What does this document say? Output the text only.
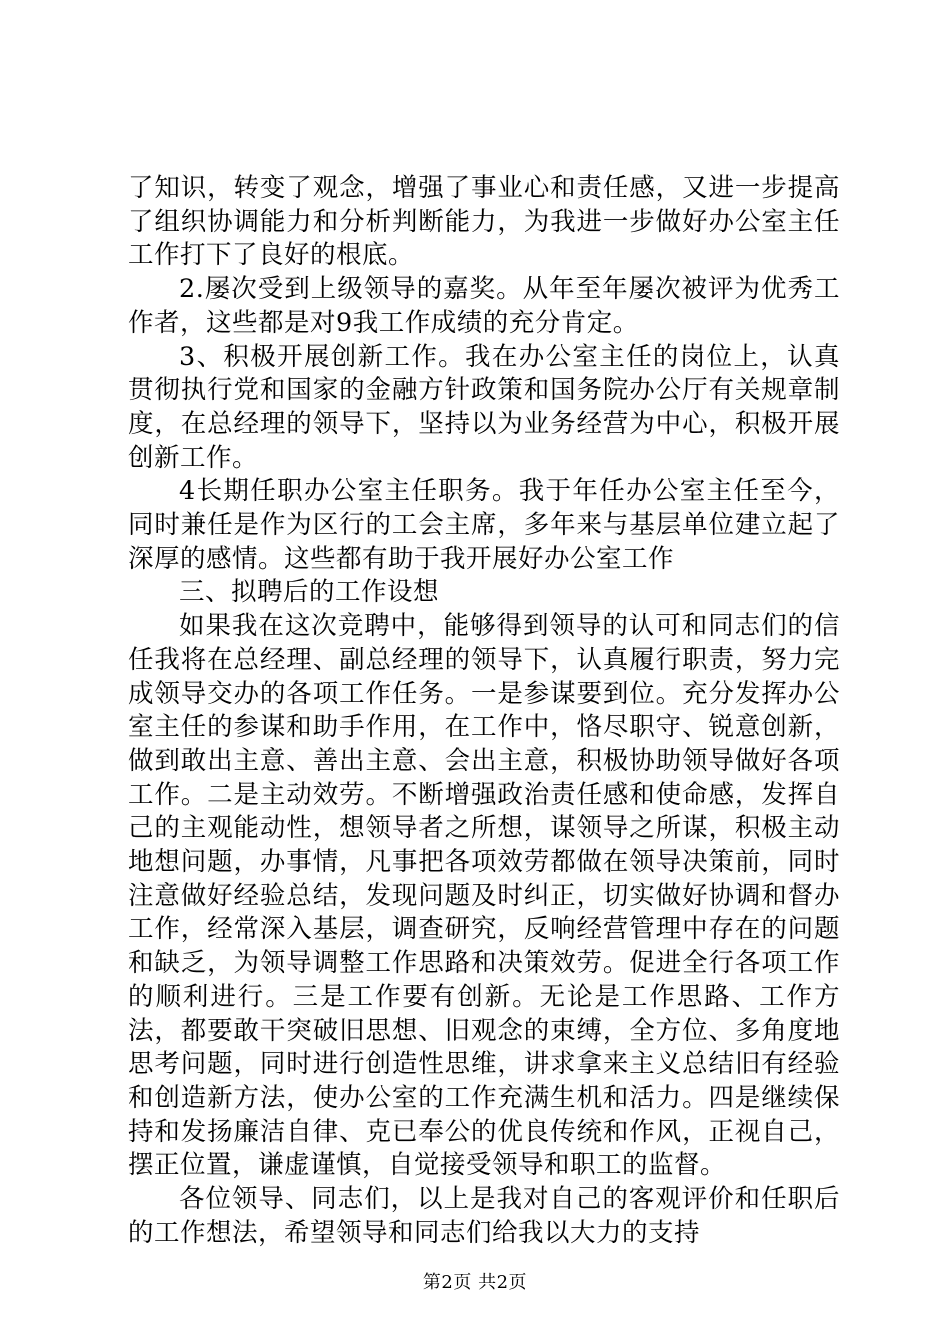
了知识，转变了观念，增强了事业心和责任感，又进一步提高了组织协调能力和分析判断能力，为我进一步做好办公室主任工作打下了良好的根底。

2.屡次受到上级领导的嘉奖。从年至年屡次被评为优秀工作者，这些都是对9我工作成绩的充分肯定。

3、积极开展创新工作。我在办公室主任的岗位上，认真贯彻执行党和国家的金融方针政策和国务院办公厅有关规章制度，在总经理的领导下，坚持以为业务经营为中心，积极开展创新工作。

4长期任职办公室主任职务。我于年任办公室主任至今，同时兼任是作为区行的工会主席，多年来与基层单位建立起了深厚的感情。这些都有助于我开展好办公室工作

三、拟聘后的工作设想

如果我在这次竞聘中，能够得到领导的认可和同志们的信任我将在总经理、副总经理的领导下，认真履行职责，努力完成领导交办的各项工作任务。一是参谋要到位。充分发挥办公室主任的参谋和助手作用，在工作中，恪尽职守、锐意创新，做到敢出主意、善出主意、会出主意，积极协助领导做好各项工作。二是主动效劳。不断增强政治责任感和使命感，发挥自己的主观能动性，想领导者之所想，谋领导之所谋，积极主动地想问题，办事情，凡事把各项效劳都做在领导决策前，同时注意做好经验总结，发现问题及时纠正，切实做好协调和督办工作，经常深入基层，调查研究，反响经营管理中存在的问题和缺乏，为领导调整工作思路和决策效劳。促进全行各项工作的顺利进行。三是工作要有创新。无论是工作思路、工作方法，都要敢干突破旧思想、旧观念的束缚，全方位、多角度地思考问题，同时进行创造性思维，讲求拿来主义总结旧有经验和创造新方法，使办公室的工作充满生机和活力。四是继续保持和发扬廉洁自律、克已奉公的优良传统和作风，正视自己，摆正位置，谦虚谨慎，自觉接受领导和职工的监督。

各位领导、同志们，以上是我对自己的客观评价和任职后的工作想法，希望领导和同志们给我以大力的支持

第2页 共2页
